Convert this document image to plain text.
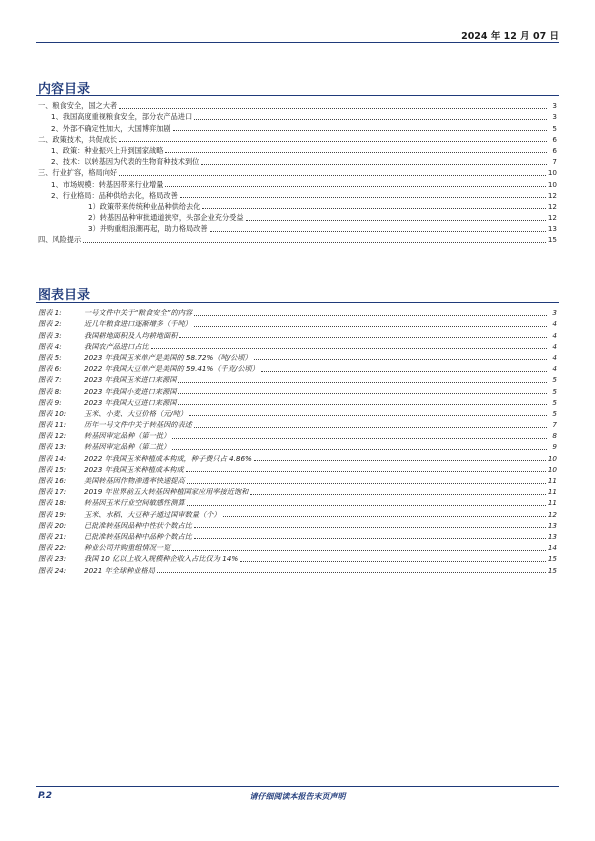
2024 年 12 月 07 日
内容目录
一、粮食安全，国之大者	3
1、我国高度重视粮食安全，部分农产品进口	3
2、外部不确定性加大，大国博弈加剧	5
二、政策技术，共促成长	6
1、政策：种业振兴上升到国家战略	6
2、技术：以转基因为代表的生物育种技术到位	7
三、行业扩容，格局向好	10
1、市场规模：转基因带来行业增量	10
2、行业格局：品种供给去化，格局改善	12
1）政策带来传统种业品种供给去化	12
2）转基因品种审批通道狭窄，头部企业充分受益	12
3）并购重组浪潮再起，助力格局改善	13
四、风险提示	15
图表目录
图表 1:	一号文件中关于“粮食安全”的内容	3
图表 2:	近几年粮食进口逐渐增多（千吨）	4
图表 3:	我国耕地面积及人均耕地面积	4
图表 4:	我国农产品进口占比	4
图表 5:	2023 年我国玉米单产是美国的 58.72%（吨/公顷）	4
图表 6:	2022 年我国大豆单产是美国的 59.41%（千克/公顷）	4
图表 7:	2023 年我国玉米进口来源国	5
图表 8:	2023 年我国小麦进口来源国	5
图表 9:	2023 年我国大豆进口来源国	5
图表 10:	玉米、小麦、大豆价格（元/吨）	5
图表 11:	历年一号文件中关于转基因的表述	7
图表 12:	转基因审定品种（第一批）	8
图表 13:	转基因审定品种（第二批）	9
图表 14:	2022 年我国玉米种植成本构成，种子费只占 4.86%	10
图表 15:	2023 年我国玉米种植成本构成	10
图表 16:	美国转基因作物渗透率快速提高	11
图表 17:	2019 年世界前五大转基因种植国家应用率接近饱和	11
图表 18:	转基因玉米行业空间敏感性测算	11
图表 19:	玉米、水稻、大豆种子通过国审数量（个）	12
图表 20:	已批准转基因品种中性状个数占比	13
图表 21:	已批准转基因品种中品种个数占比	13
图表 22:	种业公司并购重组情况一览	14
图表 23:	我国 10 亿以上收入规模种企收入占比仅为 14%	15
图表 24:	2021 年全球种业格局	15
P.2	请仔细阅读本报告末页声明
